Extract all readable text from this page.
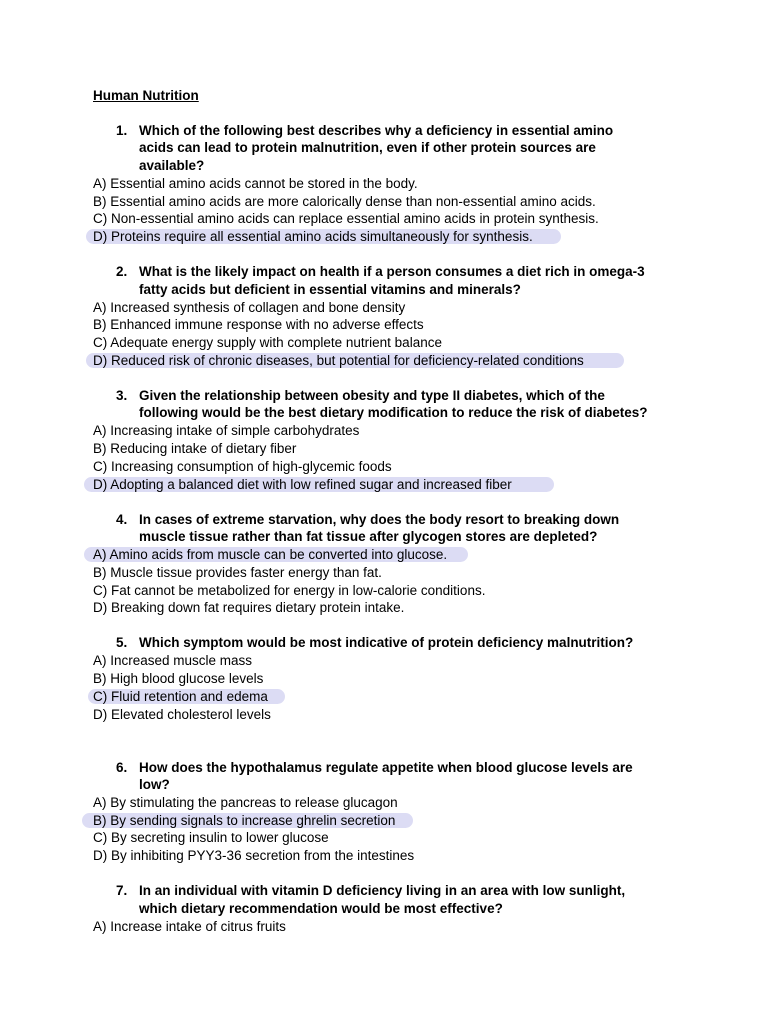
Human Nutrition
1. Which of the following best describes why a deficiency in essential amino
acids can lead to protein malnutrition, even if other protein sources are
available?
A) Essential amino acids cannot be stored in the body.
B) Essential amino acids are more calorically dense than non-essential amino acids.
C) Non-essential amino acids can replace essential amino acids in protein synthesis.
D) Proteins require all essential amino acids simultaneously for synthesis.
2. What is the likely impact on health if a person consumes a diet rich in omega-3
fatty acids but deficient in essential vitamins and minerals?
A) Increased synthesis of collagen and bone density
B) Enhanced immune response with no adverse effects
C) Adequate energy supply with complete nutrient balance
D) Reduced risk of chronic diseases, but potential for deficiency-related conditions
3. Given the relationship between obesity and type II diabetes, which of the
following would be the best dietary modification to reduce the risk of diabetes?
A) Increasing intake of simple carbohydrates
B) Reducing intake of dietary fiber
C) Increasing consumption of high-glycemic foods
D) Adopting a balanced diet with low refined sugar and increased fiber
4. In cases of extreme starvation, why does the body resort to breaking down
muscle tissue rather than fat tissue after glycogen stores are depleted?
A) Amino acids from muscle can be converted into glucose.
B) Muscle tissue provides faster energy than fat.
C) Fat cannot be metabolized for energy in low-calorie conditions.
D) Breaking down fat requires dietary protein intake.
5. Which symptom would be most indicative of protein deficiency malnutrition?
A) Increased muscle mass
B) High blood glucose levels
C) Fluid retention and edema
D) Elevated cholesterol levels
6. How does the hypothalamus regulate appetite when blood glucose levels are
low?
A) By stimulating the pancreas to release glucagon
B) By sending signals to increase ghrelin secretion
C) By secreting insulin to lower glucose
D) By inhibiting PYY3-36 secretion from the intestines
7. In an individual with vitamin D deficiency living in an area with low sunlight,
which dietary recommendation would be most effective?
A) Increase intake of citrus fruits
